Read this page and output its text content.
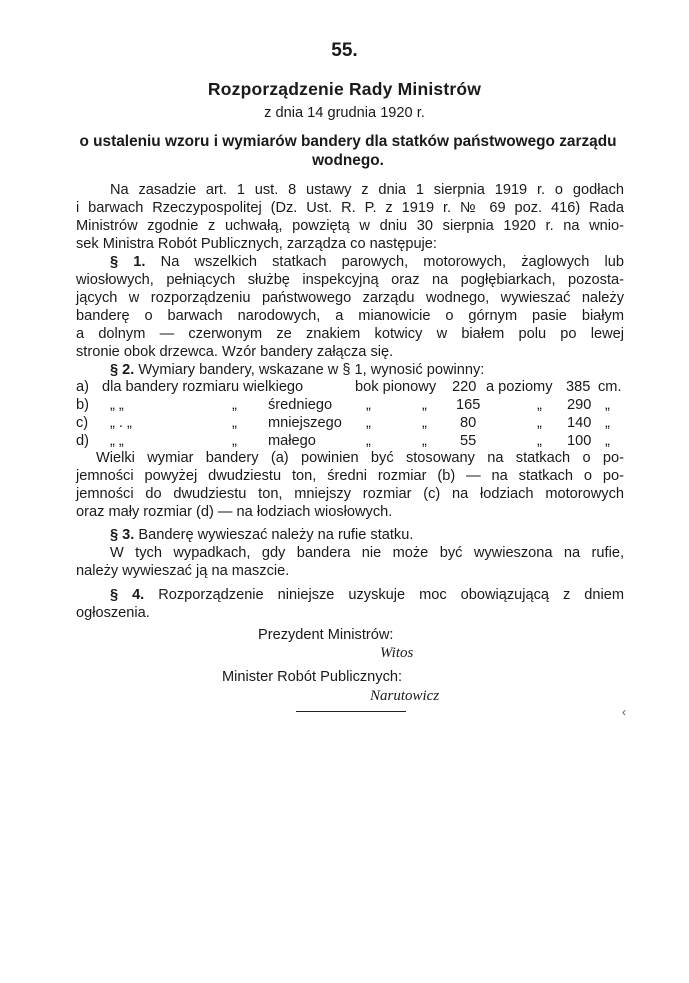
55.
Rozporządzenie Rady Ministrów
z dnia 14 grudnia 1920 r.
o ustaleniu wzoru i wymiarów bandery dla statków państwowego zarządu wodnego.
Na zasadzie art. 1 ust. 8 ustawy z dnia 1 sierpnia 1919 r. o godłach
i barwach Rzeczypospolitej (Dz. Ust. R. P. z 1919 r. № 69 poz. 416) Rada
Ministrów zgodnie z uchwałą, powziętą w dniu 30 sierpnia 1920 r. na wnio-
sek Ministra Robót Publicznych, zarządza co następuje:
§ 1. Na wszelkich statkach parowych, motorowych, żaglowych lub
wiosłowych, pełniących służbę inspekcyjną oraz na pogłębiarkach, pozosta-
jących w rozporządzeniu państwowego zarządu wodnego, wywieszać należy
banderę o barwach narodowych, a mianowicie o górnym pasie białym
a dolnym — czerwonym ze znakiem kotwicy w białem polu po lewej
stronie obok drzewca. Wzór bandery załącza się.
§ 2. Wymiary bandery, wskazane w § 1, wynosić powinny:
a) dla bandery rozmiaru wielkiego	bok pionowy 220 a poziomy 385 cm.
b) „ „	„ średniego „	„ 165	„ 290 „
c) „ . „	„ mniejszego „	„ 80	„ 140 „
d) „ „	„ małego	„	„ 55	„ 100 „
Wielki wymiar bandery (a) powinien być stosowany na statkach o po-
jemności powyżej dwudziestu ton, średni rozmiar (b) — na statkach o po-
jemności do dwudziestu ton, mniejszy rozmiar (c) na łodziach motorowych
oraz mały rozmiar (d) — na łodziach wiosłowych.
§ 3. Banderę wywieszać należy na rufie statku.
W tych wypadkach, gdy bandera nie może być wywieszona na rufie,
należy wywieszać ją na maszcie.
§ 4. Rozporządzenie niniejsze uzyskuje moc obowiązującą z dniem
ogłoszenia.
Prezydent Ministrów:
Witos
Minister Robót Publicznych:
Narutowicz
‹
